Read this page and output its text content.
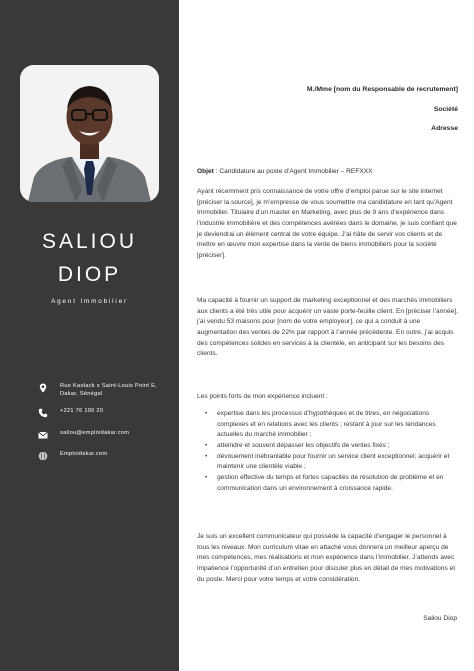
SALIOU
DIOP
Agent Immobilier
Rue Kaolack x Saint-Louis Point E, Dakar, Sénégal
+221 76 100 20
saliou@emploidakar.com
Emploidakar.com
M./Mme [nom du Responsable de recrutement]
Société
Adresse
Objet : Candidature au poste d’Agent Immobilier – REFXXX

Ayant récemment pris connaissance de votre offre d’emploi parue sur le site internet [préciser la source], je m’empresse de vous soumettre ma candidature en tant qu’Agent Immobilier. Titulaire d’un master en Marketing, avec plus de 9 ans d’expérience dans l’industrie immobilière et des compétences avérées dans le domaine, je suis confiant que je deviendrai un élément central de votre équipe. J’ai hâte de servir vos clients et de mettre en œuvre mon expertise dans la vente de biens immobiliers pour la société [préciser].

Ma capacité à fournir un support de marketing exceptionnel et des marchés immobiliers aux clients a été très utile pour acquérir un vaste porte-feuille client. En [préciser l’année], j’ai vendu 53 maisons pour [nom de votre employeur], ce qui a conduit à une augmentation des ventes de 22% par rapport à l’année précédente. En outre, j’ai acquis des compétences solides en services à la clientèle, en anticipant sur les besoins des clients.

Les points forts de mon expérience incluent :

• expertise dans les processus d’hypothèques et de titres, en négociations complexes et en relations avec les clients ; restant à jour sur les tendances actuelles du marché immobilier ;
• atteindre et souvent dépasser les objectifs de ventes fixés ;
• dévouement inébranlable pour fournir un service client exceptionnel; acquérir et maintenir une clientèle viable ;
• gestion effective du temps et fortes capacités de résolution de problème et en communication dans un environnement à croissance rapide.

Je suis un excellent communicateur qui possède la capacité d’engager le personnel à tous les niveaux. Mon curriculum vitae en attaché vous donnera un meilleur aperçu de mes compétences, mes réalisations et mon expérience dans l’immobilier. J’attends avec impatience l’opportunité d’un entretien pour discuter plus en détail de mes motivations et du poste. Merci pour votre temps et votre considération.

Saliou Diop
